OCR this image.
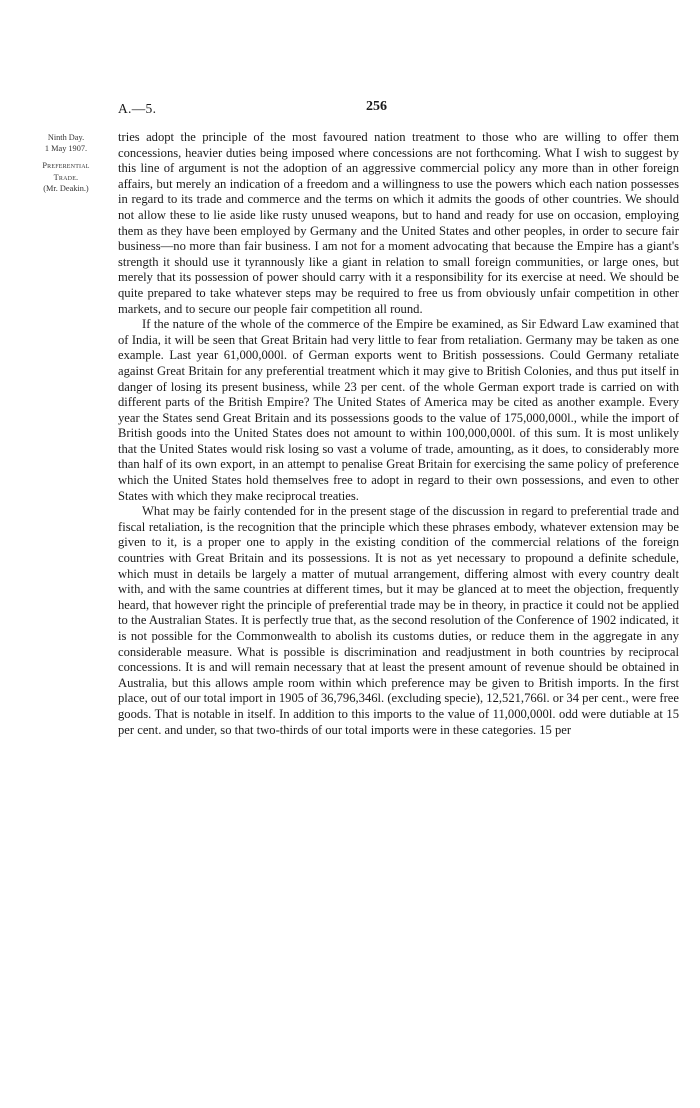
A.—5.	256
Ninth Day.
1 May 1907.
Preferential
Trade.
(Mr. Deakin.)

tries adopt the principle of the most favoured nation treatment to those who are willing to offer them concessions, heavier duties being imposed where concessions are not forthcoming. What I wish to suggest by this line of argument is not the adoption of an aggressive commercial policy any more than in other foreign affairs, but merely an indication of a freedom and a willingness to use the powers which each nation possesses in regard to its trade and commerce and the terms on which it admits the goods of other countries. We should not allow these to lie aside like rusty unused weapons, but to hand and ready for use on occasion, employing them as they have been employed by Germany and the United States and other peoples, in order to secure fair business—no more than fair business. I am not for a moment advocating that because the Empire has a giant's strength it should use it tyrannously like a giant in relation to small foreign communities, or large ones, but merely that its possession of power should carry with it a responsibility for its exercise at need. We should be quite prepared to take whatever steps may be required to free us from obviously unfair competition in other markets, and to secure our people fair competition all round.

If the nature of the whole of the commerce of the Empire be examined, as Sir Edward Law examined that of India, it will be seen that Great Britain had very little to fear from retaliation. Germany may be taken as one example. Last year 61,000,000l. of German exports went to British possessions. Could Germany retaliate against Great Britain for any preferential treatment which it may give to British Colonies, and thus put itself in danger of losing its present business, while 23 per cent. of the whole German export trade is carried on with different parts of the British Empire? The United States of America may be cited as another example. Every year the States send Great Britain and its possessions goods to the value of 175,000,000l., while the import of British goods into the United States does not amount to within 100,000,000l. of this sum. It is most unlikely that the United States would risk losing so vast a volume of trade, amounting, as it does, to considerably more than half of its own export, in an attempt to penalise Great Britain for exercising the same policy of preference which the United States hold themselves free to adopt in regard to their own possessions, and even to other States with which they make reciprocal treaties.

What may be fairly contended for in the present stage of the discussion in regard to preferential trade and fiscal retaliation, is the recognition that the principle which these phrases embody, whatever extension may be given to it, is a proper one to apply in the existing condition of the commercial relations of the foreign countries with Great Britain and its possessions. It is not as yet necessary to propound a definite schedule, which must in details be largely a matter of mutual arrangement, differing almost with every country dealt with, and with the same countries at different times, but it may be glanced at to meet the objection, frequently heard, that however right the principle of preferential trade may be in theory, in practice it could not be applied to the Australian States. It is perfectly true that, as the second resolution of the Conference of 1902 indicated, it is not possible for the Commonwealth to abolish its customs duties, or reduce them in the aggregate in any considerable measure. What is possible is discrimination and readjustment in both countries by reciprocal concessions. It is and will remain necessary that at least the present amount of revenue should be obtained in Australia, but this allows ample room within which preference may be given to British imports. In the first place, out of our total import in 1905 of 36,796,346l. (excluding specie), 12,521,766l. or 34 per cent., were free goods. That is notable in itself. In addition to this imports to the value of 11,000,000l. odd were dutiable at 15 per cent. and under, so that two-thirds of our total imports were in these categories. 15 per
